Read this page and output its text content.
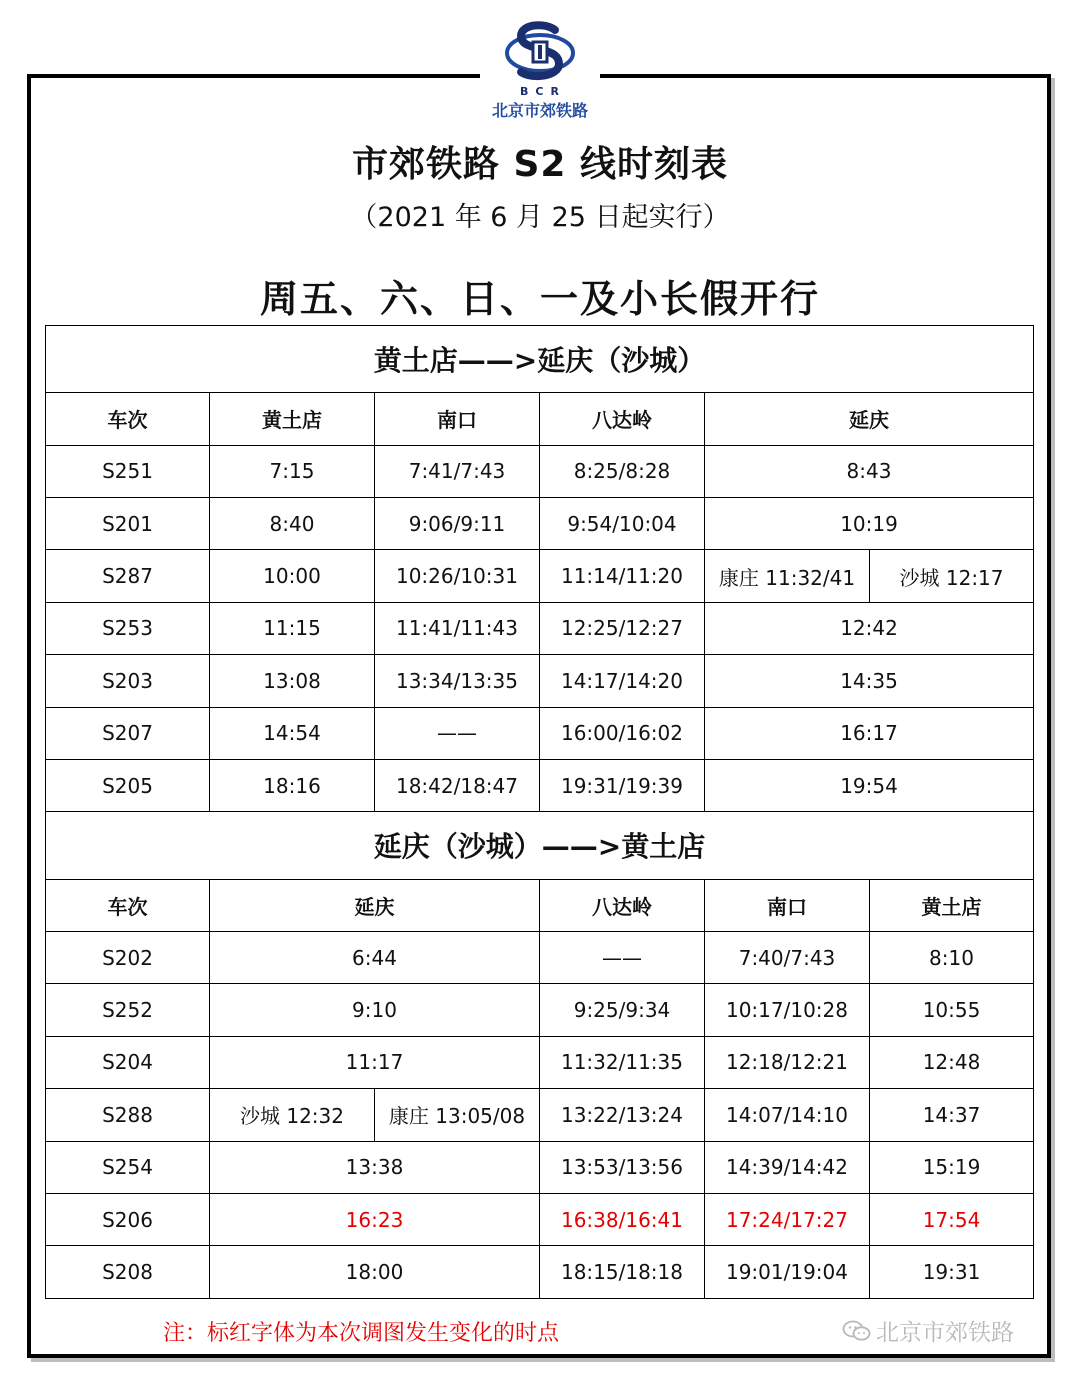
BCR
北京市郊铁路
市郊铁路 S2 线时刻表
（2021 年 6 月 25 日起实行）
周五、六、日、一及小长假开行
黄土店——>延庆（沙城）					
车次	黄土店	南口	八达岭	延庆	
S251	7:15	7:41/7:43	8:25/8:28	8:43	
S201	8:40	9:06/9:11	9:54/10:04	10:19	
S287	10:00	10:26/10:31	11:14/11:20	康庄 11:32/41	沙城 12:17
S253	11:15	11:41/11:43	12:25/12:27	12:42	
S203	13:08	13:34/13:35	14:17/14:20	14:35	
S207	14:54	——	16:00/16:02	16:17	
S205	18:16	18:42/18:47	19:31/19:39	19:54	
延庆（沙城）——>黄土店					
车次	延庆		八达岭	南口	黄土店
S202	6:44		——	7:40/7:43	8:10
S252	9:10		9:25/9:34	10:17/10:28	10:55
S204	11:17		11:32/11:35	12:18/12:21	12:48
S288	沙城 12:32	康庄 13:05/08	13:22/13:24	14:07/14:10	14:37
S254	13:38		13:53/13:56	14:39/14:42	15:19
S206	16:23		16:38/16:41	17:24/17:27	17:54
S208	18:00		18:15/18:18	19:01/19:04	19:31
注：标红字体为本次调图发生变化的时点	北京市郊铁路
